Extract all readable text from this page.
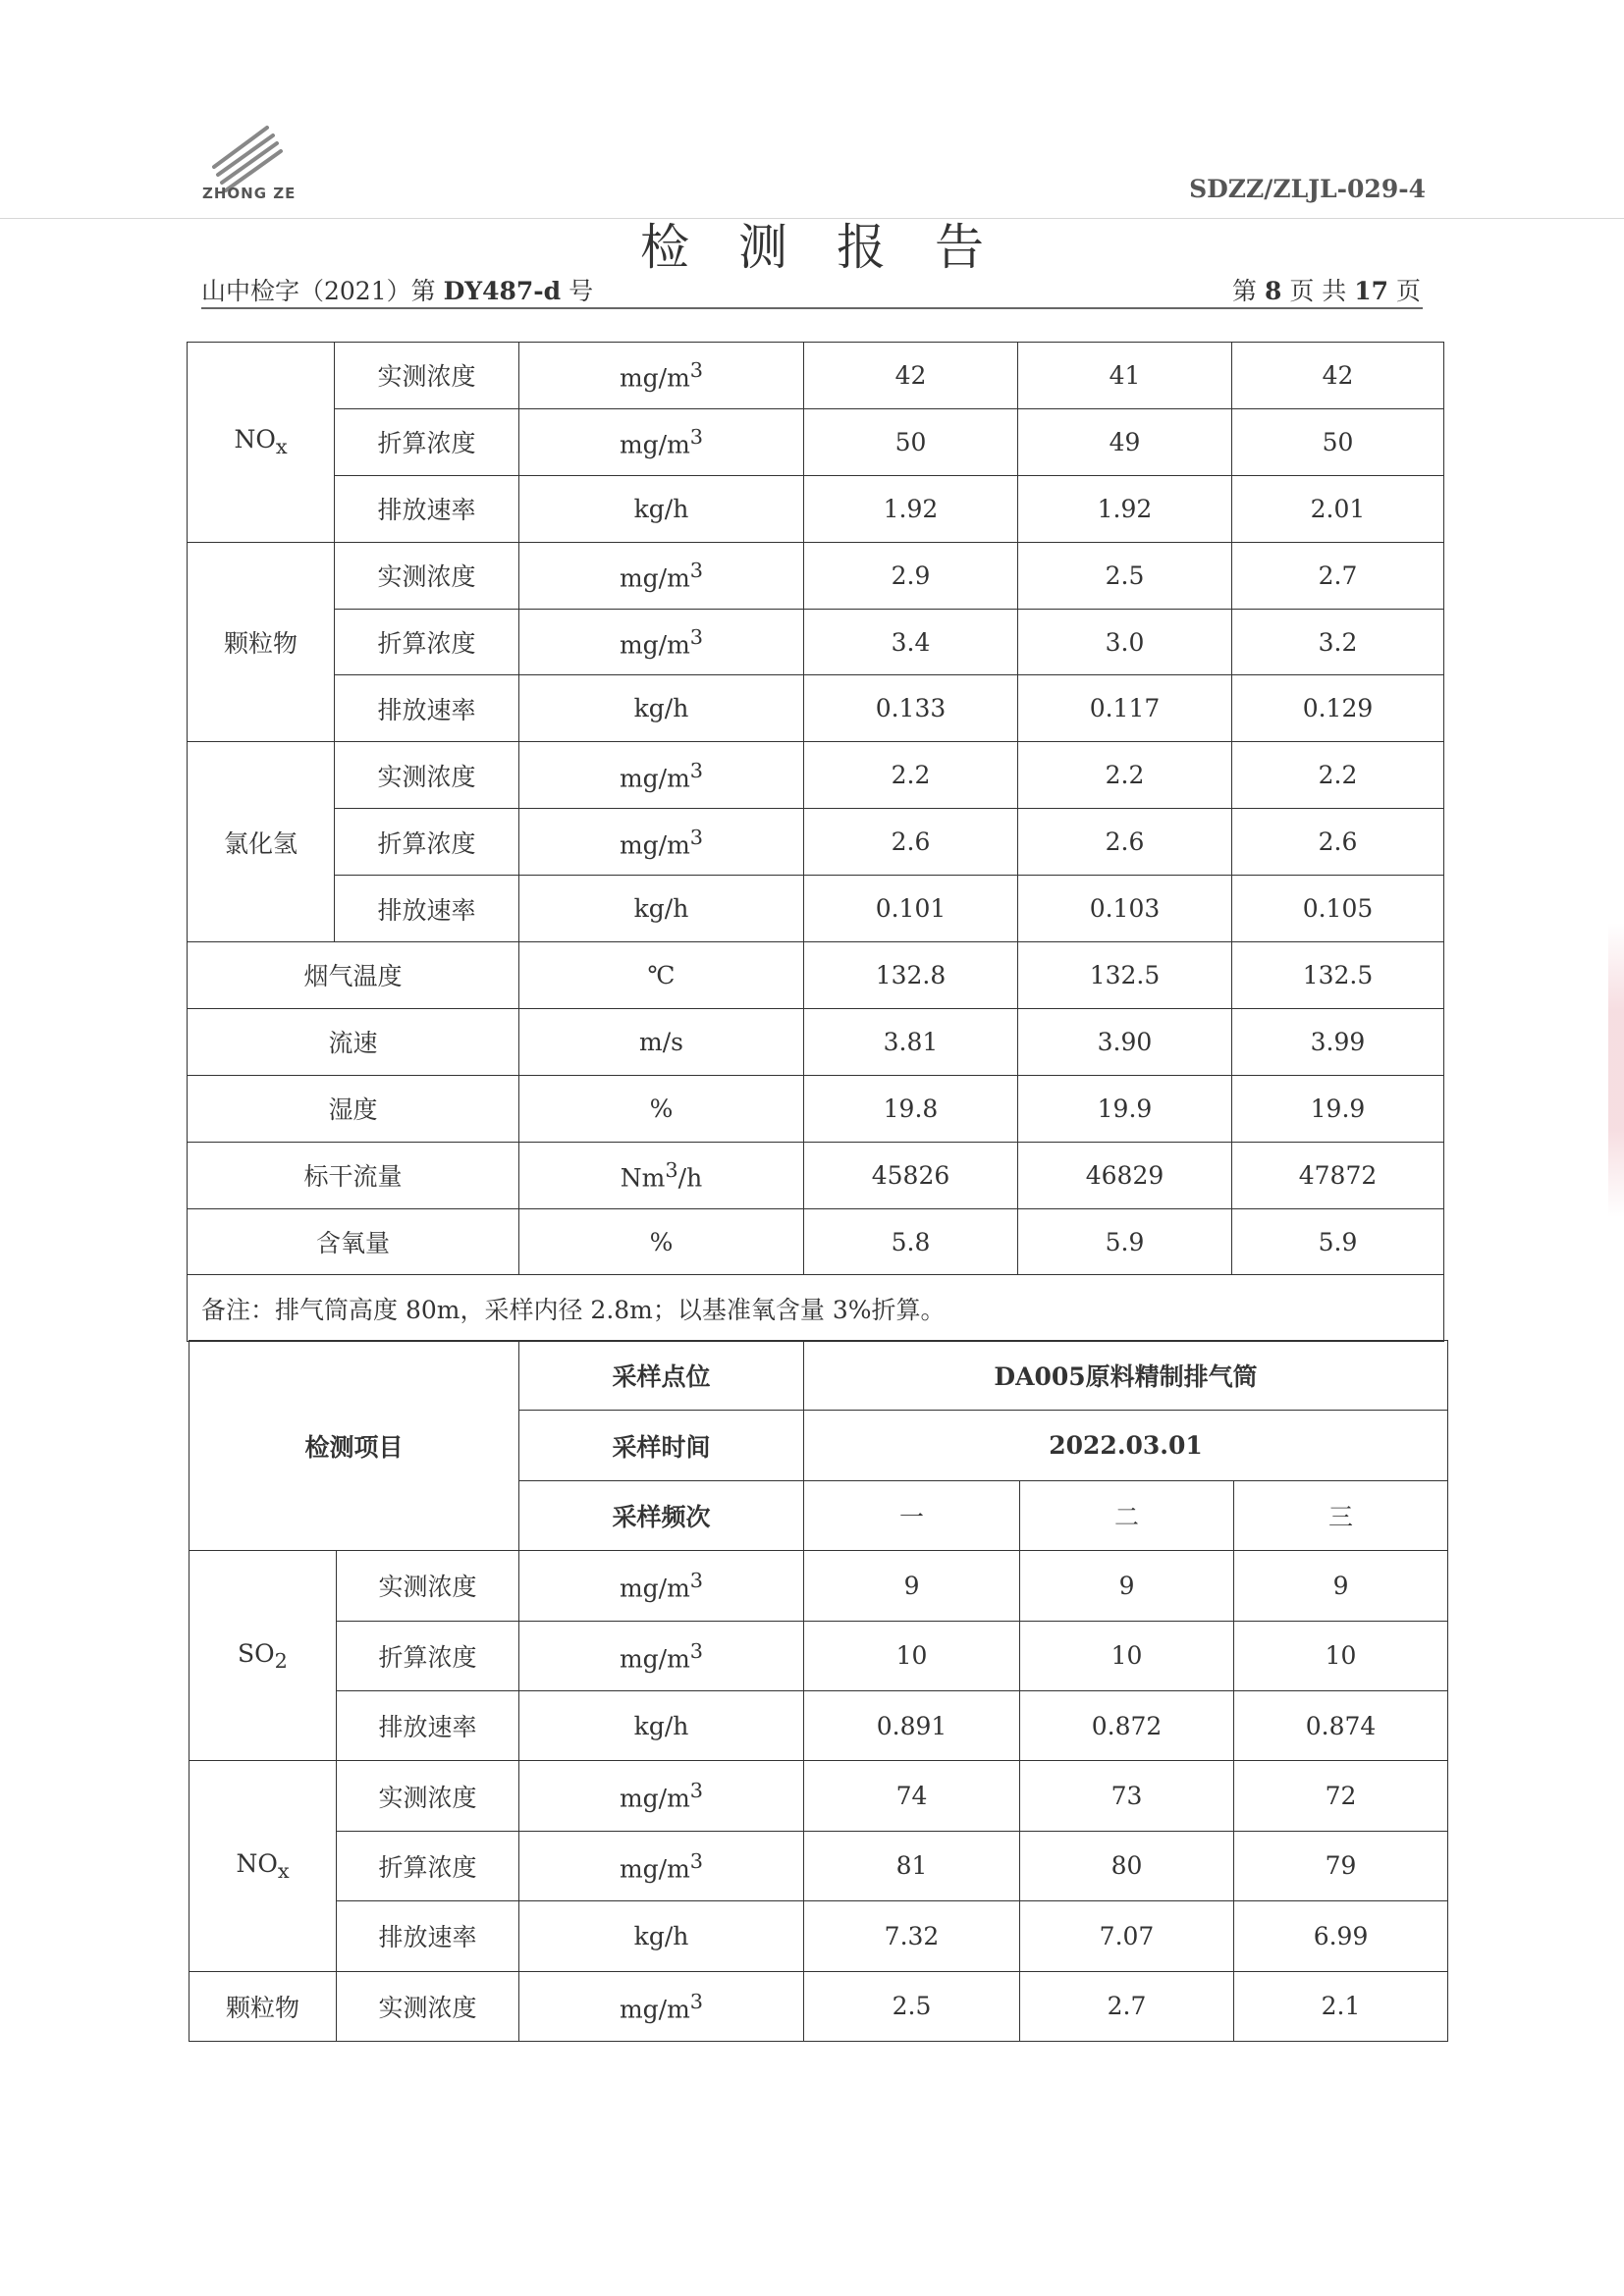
ZHONG ZE	SDZZ/ZLJL-029-4
检测报告
山中检字（2021）第 DY487-d 号	第 8 页 共 17 页
$NO_x$	实测浓度	$mg/m^3$	42	41	42
	折算浓度	$mg/m^3$	50	49	50
	排放速率	kg/h	1.92	1.92	2.01
颗粒物	实测浓度	$mg/m^3$	2.9	2.5	2.7
	折算浓度	$mg/m^3$	3.4	3.0	3.2
	排放速率	kg/h	0.133	0.117	0.129
氯化氢	实测浓度	$mg/m^3$	2.2	2.2	2.2
	折算浓度	$mg/m^3$	2.6	2.6	2.6
	排放速率	kg/h	0.101	0.103	0.105
烟气温度		℃	132.8	132.5	132.5
流速		m/s	3.81	3.90	3.99
湿度		%	19.8	19.9	19.9
标干流量		Nm$^3$/h	45826	46829	47872
含氧量		%	5.8	5.9	5.9
备注：排气筒高度 80m，采样内径 2.8m；以基准氧含量 3%折算。					
检测项目		采样点位	DA005原料精制排气筒		
		采样时间	2022.03.01		
		采样频次	一	二	三
$SO_2$	实测浓度	$mg/m^3$	9	9	9
	折算浓度	$mg/m^3$	10	10	10
	排放速率	kg/h	0.891	0.872	0.874
$NO_x$	实测浓度	$mg/m^3$	74	73	72
	折算浓度	$mg/m^3$	81	80	79
	排放速率	kg/h	7.32	7.07	6.99
颗粒物	实测浓度	$mg/m^3$	2.5	2.7	2.1
